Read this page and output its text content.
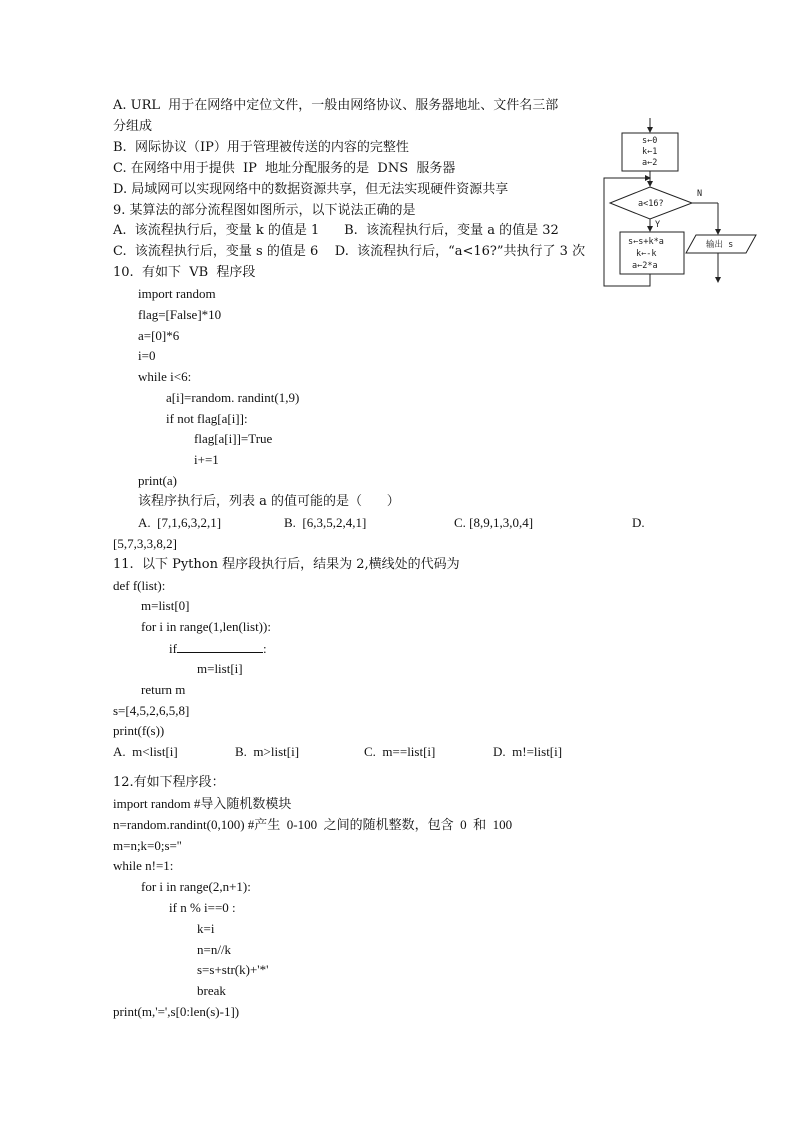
A. URL  用于在网络中定位文件，一般由网络协议、服务器地址、文件名三部
分组成
B.  网际协议（IP）用于管理被传送的内容的完整性
C. 在网络中用于提供  IP  地址分配服务的是  DNS  服务器
D. 局域网可以实现网络中的数据资源共享，但无法实现硬件资源共享
9. 某算法的部分流程图如图所示，以下说法正确的是
A.  该流程执行后，变量 k 的值是 1      B.  该流程执行后，变量 a 的值是 32
C.  该流程执行后，变量 s 的值是 6    D.  该流程执行后，“a<16?”共执行了 3 次
s←0
k←1
a←2
a<16?
N
输出 s
Y
s←s+k*a
k←-k
a←2*a
10.  有如下  VB  程序段
import random
flag=[False]*10
a=[0]*6
i=0
while i<6:
a[i]=random. randint(1,9)
if not flag[a[i]]:
flag[a[i]]=True
i+=1
print(a)
该程序执行后，列表 a 的值可能的是（      ）
A.  [7,1,6,3,2,1]	B.  [6,3,5,2,4,1]	C. [8,9,1,3,0,4]	D.
[5,7,3,3,8,2]
11.  以下 Python 程序段执行后，结果为 2,横线处的代码为
def f(list):
m=list[0]
for i in range(1,len(list)):
if	:
m=list[i]
return m
s=[4,5,2,6,5,8]
print(f(s))
A.  m<list[i]	B.  m>list[i]	C.  m==list[i]	D.  m!=list[i]
12.有如下程序段：
import random #导入随机数模块
n=random.randint(0,100) #产生  0-100  之间的随机整数，包含  0  和  100
m=n;k=0;s=''
while n!=1:
for i in range(2,n+1):
if n % i==0 :
k=i
n=n//k
s=s+str(k)+'*'
break
print(m,'=',s[0:len(s)-1])
